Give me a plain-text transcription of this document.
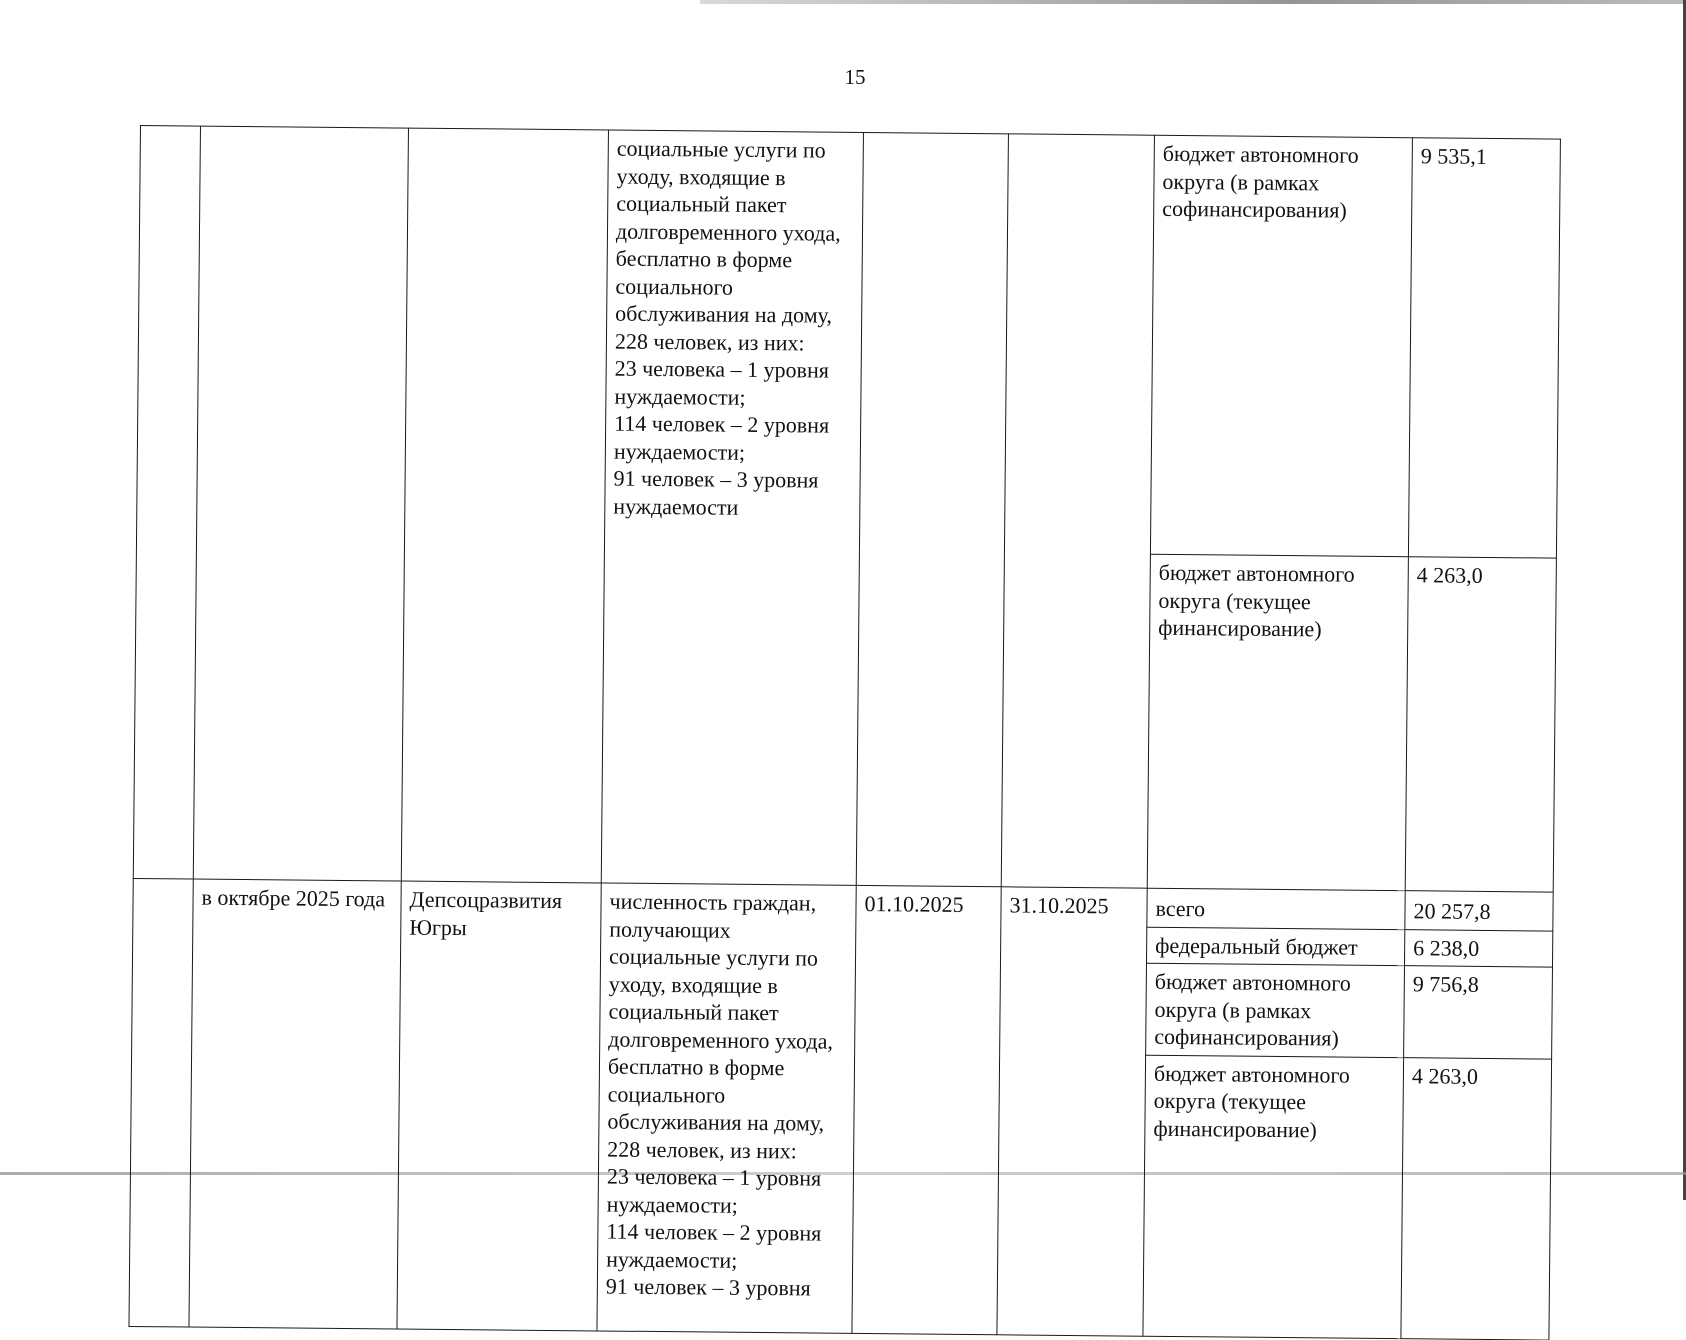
15
			социальные услуги по уходу, входящие в социальный пакет долговременного ухода, бесплатно в форме социального обслуживания на дому,
228 человек, из них:
23 человека – 1 уровня нуждаемости;
114 человек – 2 уровня нуждаемости;
91 человек – 3 уровня нуждаемости			бюджет автономного округа (в рамках софинансирования)	9 535,1
						бюджет автономного округа (текущее финансирование)	4 263,0
	в октябре 2025 года	Депсоцразвития Югры	численность граждан, получающих социальные услуги по уходу, входящие в социальный пакет долговременного ухода, бесплатно в форме социального обслуживания на дому,
228 человек, из них:
23 человека – 1 уровня нуждаемости;
114 человек – 2 уровня нуждаемости;
91 человек – 3 уровня	01.10.2025	31.10.2025	всего	20 257,8
						федеральный бюджет	6 238,0
						бюджет автономного округа (в рамках софинансирования)	9 756,8
						бюджет автономного округа (текущее финансирование)	4 263,0
